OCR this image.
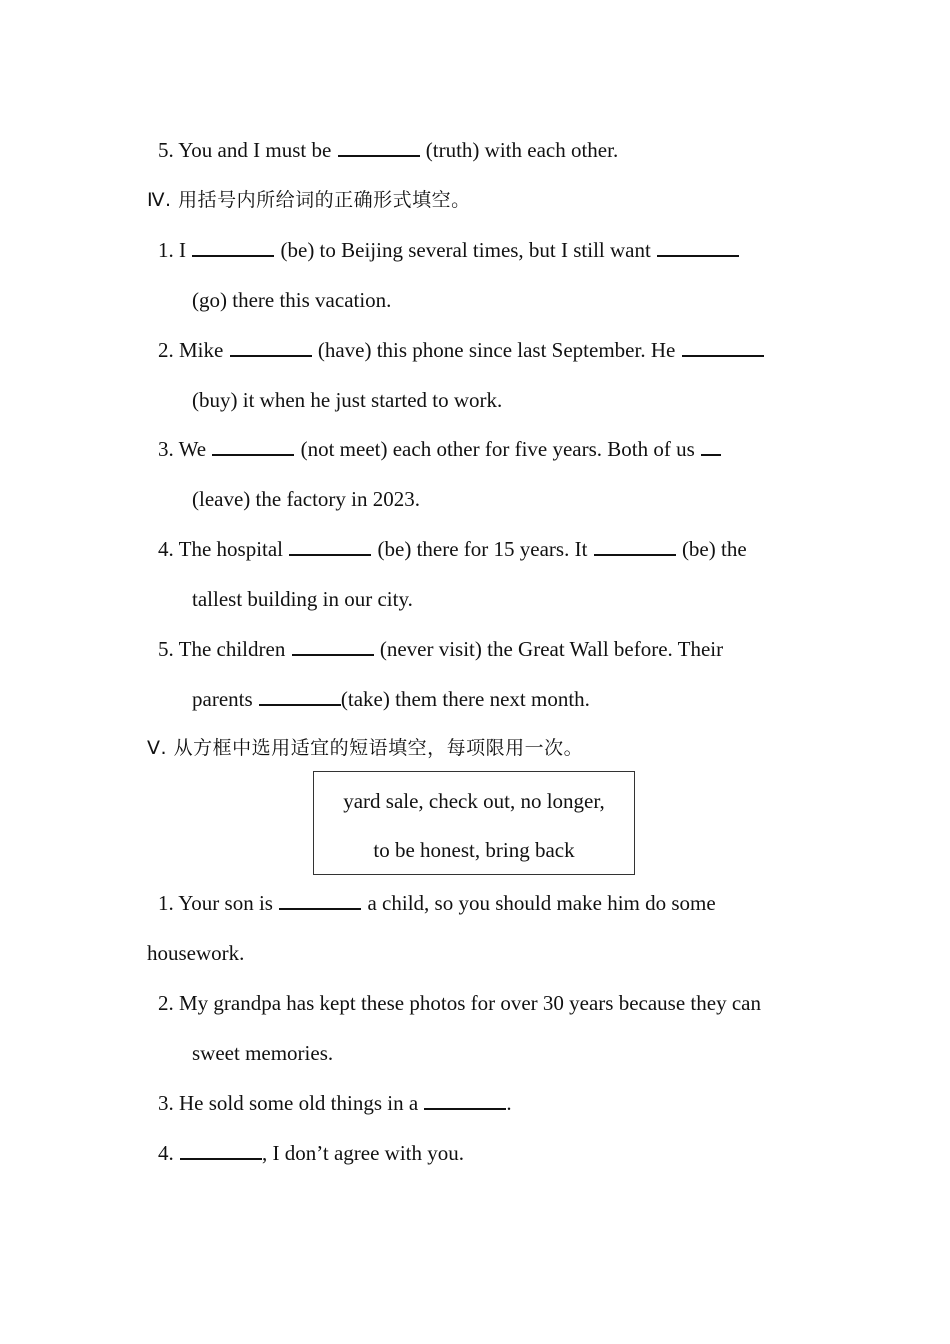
5. You and I must be	(truth) with each other.
Ⅳ. 用括号内所给词的正确形式填空。
1. I	(be) to Beijing several times, but I still want
(go) there this vacation.
2. Mike	(have) this phone since last September. He
(buy) it when he just started to work.
3. We	(not meet) each other for five years. Both of us
(leave) the factory in 2023.
4. The hospital	(be) there for 15 years. It	(be) the
tallest building in our city.
5. The children	(never visit) the Great Wall before. Their
parents	(take) them there next month.
Ⅴ. 从方框中选用适宜的短语填空，每项限用一次。
yard sale, check out, no longer,
to be honest, bring back
1. Your son is	a child, so you should make him do some
housework.
2. My grandpa has kept these photos for over 30 years because they can
sweet memories.
3. He sold some old things in a	.
4.	, I don’t agree with you.
